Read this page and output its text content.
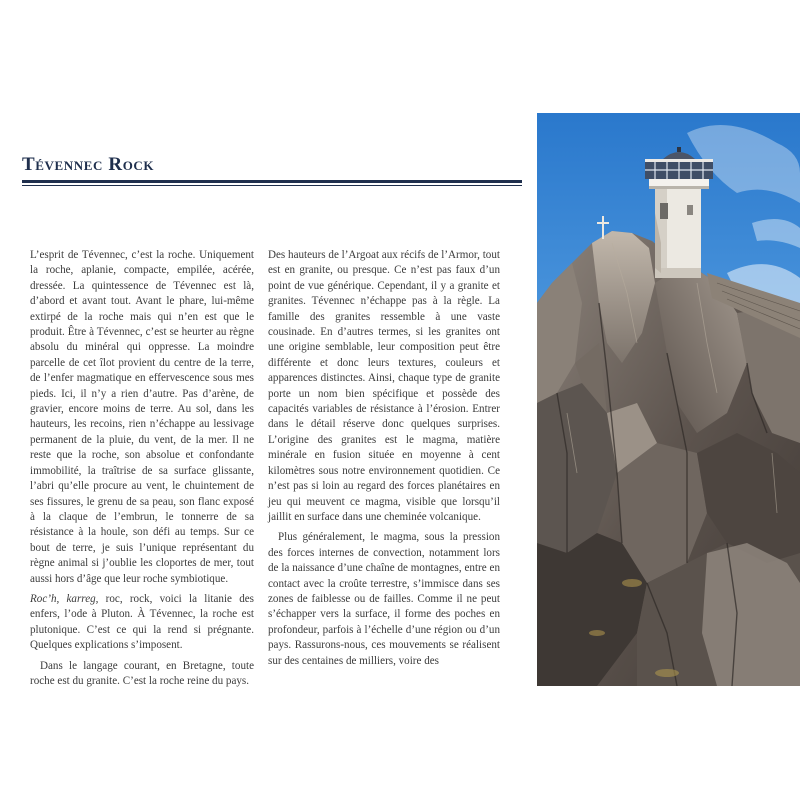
Tévennec Rock

L’esprit de Tévennec, c’est la roche. Uniquement la roche, aplanie, compacte, empilée, acérée, dressée. La quintessence de Tévennec est là, d’abord et avant tout. Avant le phare, lui-même extirpé de la roche mais qui n’en est que le produit. Être à Tévennec, c’est se heurter au règne absolu du minéral qui oppresse. La moindre parcelle de cet îlot provient du centre de la terre, de l’enfer magmatique en effervescence sous mes pieds. Ici, il n’y a rien d’autre. Pas d’arène, de gravier, encore moins de terre. Au sol, dans les hauteurs, les recoins, rien n’échappe au lessivage permanent de la pluie, du vent, de la mer. Il ne reste que la roche, son absolue et confondante immobilité, la traîtrise de sa surface glissante, l’abri qu’elle procure au vent, le chuintement de ses fissures, le grenu de sa peau, son flanc exposé à la claque de l’embrun, le tonnerre de sa résistance à la houle, son défi au temps. Sur ce bout de terre, je suis l’unique représentant du règne animal si j’oublie les cloportes de mer, tout aussi hors d’âge que leur roche symbiotique.

Roc’h, karreg, roc, rock, voici la litanie des enfers, l’ode à Pluton. À Tévennec, la roche est plutonique. C’est ce qui la rend si prégnante. Quelques explications s’imposent.

Dans le langage courant, en Bretagne, toute roche est du granite. C’est la roche reine du pays.

Des hauteurs de l’Argoat aux récifs de l’Armor, tout est en granite, ou presque. Ce n’est pas faux d’un point de vue générique. Cependant, il y a granite et granites. Tévennec n’échappe pas à la règle. La famille des granites ressemble à une vaste cousinade. En d’autres termes, si les granites ont une origine semblable, leur composition peut être différente et donc leurs textures, couleurs et apparences distinctes. Ainsi, chaque type de granite porte un nom bien spécifique et possède des capacités variables de résistance à l’érosion. Entrer dans le détail réserve donc quelques surprises. L’origine des granites est le magma, matière minérale en fusion située en moyenne à cent kilomètres sous notre environnement quotidien. Ce n’est pas si loin au regard des forces planétaires en jeu qui meuvent ce magma, visible que lorsqu’il jaillit en surface dans une cheminée volcanique.

Plus généralement, le magma, sous la pression des forces internes de convection, notamment lors de la naissance d’une chaîne de montagnes, entre en contact avec la croûte terrestre, s’immisce dans ses zones de faiblesse ou de failles. Comme il ne peut s’échapper vers la surface, il forme des poches en profondeur, parfois à l’échelle d’une région ou d’un pays. Rassurons-nous, ces mouvements se réalisent sur des centaines de milliers, voire des
